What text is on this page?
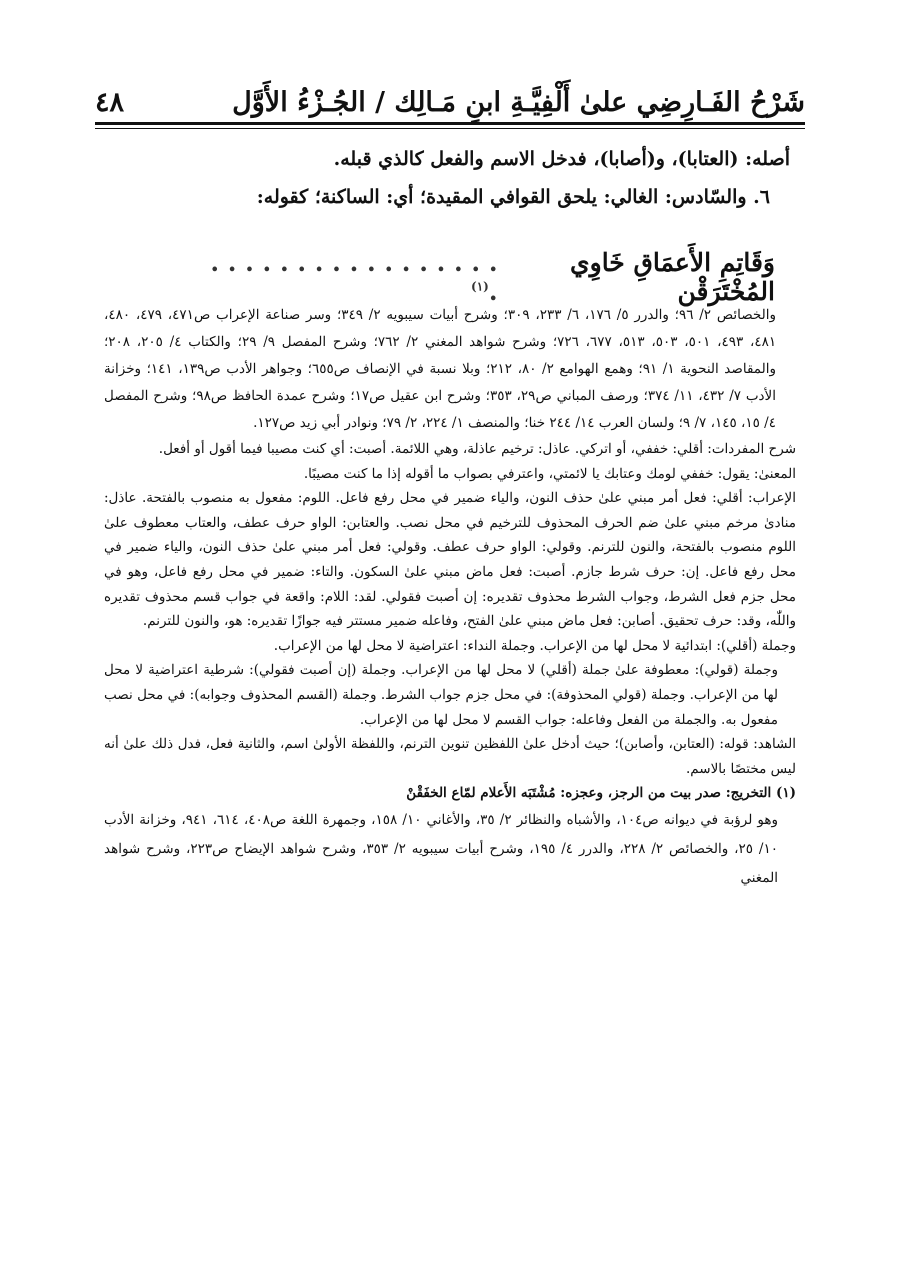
شَرْحُ الفَـارِضِي علىٰ أَلْفِيَّـةِ ابنِ مَـالِك / الجُـزْءُ الأَوَّل
٤٨

أصله: (العتابا)، و(أصابا)، فدخل الاسم والفعل كالذي قبله.

٦. والسّادس: الغالي: يلحق القوافي المقيدة؛ أي: الساكنة؛ كقوله:

وَقَاتِمِ الأَعمَاقِ خَاوِي المُخْتَرَقْن
. . . . . . . . . . . . . . . . . .$^{(١)}$

والخصائص ٢/ ٩٦؛ والدرر ٥/ ١٧٦، ٦/ ٢٣٣، ٣٠٩؛ وشرح أبيات سيبويه ٢/ ٣٤٩؛ وسر صناعة الإعراب ص٤٧١، ٤٧٩، ٤٨٠، ٤٨١، ٤٩٣، ٥٠١، ٥٠٣، ٥١٣، ٦٧٧، ٧٢٦؛ وشرح شواهد المغني ٢/ ٧٦٢؛ وشرح المفصل ٩/ ٢٩؛ والكتاب ٤/ ٢٠٥، ٢٠٨؛ والمقاصد النحوية ١/ ٩١؛ وهمع الهوامع ٢/ ٨٠، ٢١٢؛ وبلا نسبة في الإنصاف ص٦٥٥؛ وجواهر الأدب ص١٣٩، ١٤١؛ وخزانة الأدب ٧/ ٤٣٢، ١١/ ٣٧٤؛ ورصف المباني ص٢٩، ٣٥٣؛ وشرح ابن عقيل ص١٧؛ وشرح عمدة الحافظ ص٩٨؛ وشرح المفصل ٤/ ١٥، ١٤٥، ٧/ ٩؛ ولسان العرب ١٤/ ٢٤٤ خنا؛ والمنصف ١/ ٢٢٤، ٢/ ٧٩؛ ونوادر أبي زيد ص١٢٧.

شرح المفردات: أقلي: خففي، أو اتركي. عاذل: ترخيم عاذلة، وهي اللائمة. أصبت: أي كنت مصيبا فيما أقول أو أفعل.

المعنىٰ: يقول: خففي لومك وعتابك يا لائمتي، واعترفي بصواب ما أقوله إذا ما كنت مصيبًا.

الإعراب: أقلي: فعل أمر مبني علىٰ حذف النون، والياء ضمير في محل رفع فاعل. اللوم: مفعول به منصوب بالفتحة. عاذل: منادىٰ مرخم مبني علىٰ ضم الحرف المحذوف للترخيم في محل نصب. والعتابن: الواو حرف عطف، والعتاب معطوف علىٰ اللوم منصوب بالفتحة، والنون للترنم. وقولي: الواو حرف عطف. وقولي: فعل أمر مبني علىٰ حذف النون، والياء ضمير في محل رفع فاعل. إن: حرف شرط جازم. أصبت: فعل ماض مبني علىٰ السكون. والتاء: ضمير في محل رفع فاعل، وهو في محل جزم فعل الشرط، وجواب الشرط محذوف تقديره: إن أصبت فقولي. لقد: اللام: واقعة في جواب قسم محذوف تقديره واللّٰه، وقد: حرف تحقيق. أصابن: فعل ماض مبني علىٰ الفتح، وفاعله ضمير مستتر فيه جوازًا تقديره: هو، والنون للترنم.

وجملة (أقلي): ابتدائية لا محل لها من الإعراب. وجملة النداء: اعتراضية لا محل لها من الإعراب.

وجملة (قولي): معطوفة علىٰ جملة (أقلي) لا محل لها من الإعراب. وجملة (إن أصبت فقولي): شرطية اعتراضية لا محل لها من الإعراب. وجملة (قولي المحذوفة): في محل جزم جواب الشرط. وجملة (القسم المحذوف وجوابه): في محل نصب مفعول به. والجملة من الفعل وفاعله: جواب القسم لا محل لها من الإعراب.

الشاهد: قوله: (العتابن، وأصابن)؛ حيث أدخل علىٰ اللفظين تنوين الترنم، واللفظة الأولىٰ اسم، والثانية فعل، فدل ذلك علىٰ أنه ليس مختصًا بالاسم.

(١) التخريج: صدر بيت من الرجز، وعجزه: مُشْتَبَه الأَعلام لمّاع الخفَقْنْ

وهو لرؤبة في ديوانه ص١٠٤، والأشباه والنظائر ٢/ ٣٥، والأغاني ١٠/ ١٥٨، وجمهرة اللغة ص٤٠٨، ٦١٤، ٩٤١، وخزانة الأدب ١٠/ ٢٥، والخصائص ٢/ ٢٢٨، والدرر ٤/ ١٩٥، وشرح أبيات سيبويه ٢/ ٣٥٣، وشرح شواهد الإيضاح ص٢٢٣، وشرح شواهد المغني
